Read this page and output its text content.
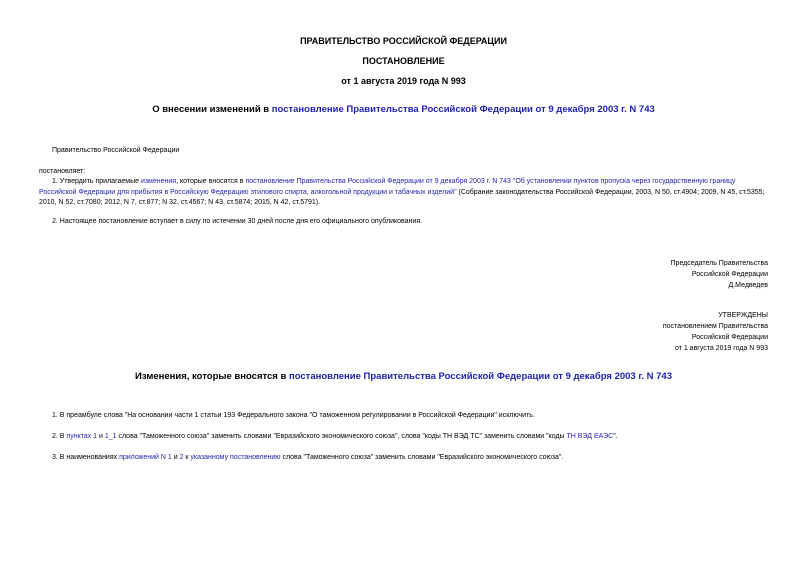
ПРАВИТЕЛЬСТВО РОССИЙСКОЙ ФЕДЕРАЦИИ
ПОСТАНОВЛЕНИЕ
от 1 августа 2019 года N 993
О внесении изменений в постановление Правительства Российской Федерации от 9 декабря 2003 г. N 743
Правительство Российской Федерации
постановляет:
1. Утвердить прилагаемые изменения, которые вносятся в постановление Правительства Российской Федерации от 9 декабря 2003 г. N 743 "Об установлении пунктов пропуска через государственную границу Российской Федерации для прибытия в Российскую Федерацию этилового спирта, алкогольной продукции и табачных изделий" (Собрание законодательства Российской Федерации, 2003, N 50, ст.4904; 2009, N 45, ст.5355; 2010, N 52, ст.7080; 2012, N 7, ст.877; N 32, ст.4567; N 43, ст.5874; 2015, N 42, ст.5791).
2. Настоящее постановление вступает в силу по истечении 30 дней после дня его официального опубликования.
Председатель Правительства
Российской Федерации
Д.Медведев
УТВЕРЖДЕНЫ
постановлением Правительства
Российской Федерации
от 1 августа 2019 года N 993
Изменения, которые вносятся в постановление Правительства Российской Федерации от 9 декабря 2003 г. N 743
1. В преамбуле слова "На основании части 1 статьи 193 Федерального закона "О таможенном регулировании в Российской Федерации" исключить.
2. В пунктах 1 и 1_1 слова "Таможенного союза" заменить словами "Евразийского экономического союза", слова "коды ТН ВЭД ТС" заменить словами "коды ТН ВЭД ЕАЭС".
3. В наименованиях приложений N 1 и 2 к указанному постановлению слова "Таможенного союза" заменить словами "Евразийского экономического союза".
